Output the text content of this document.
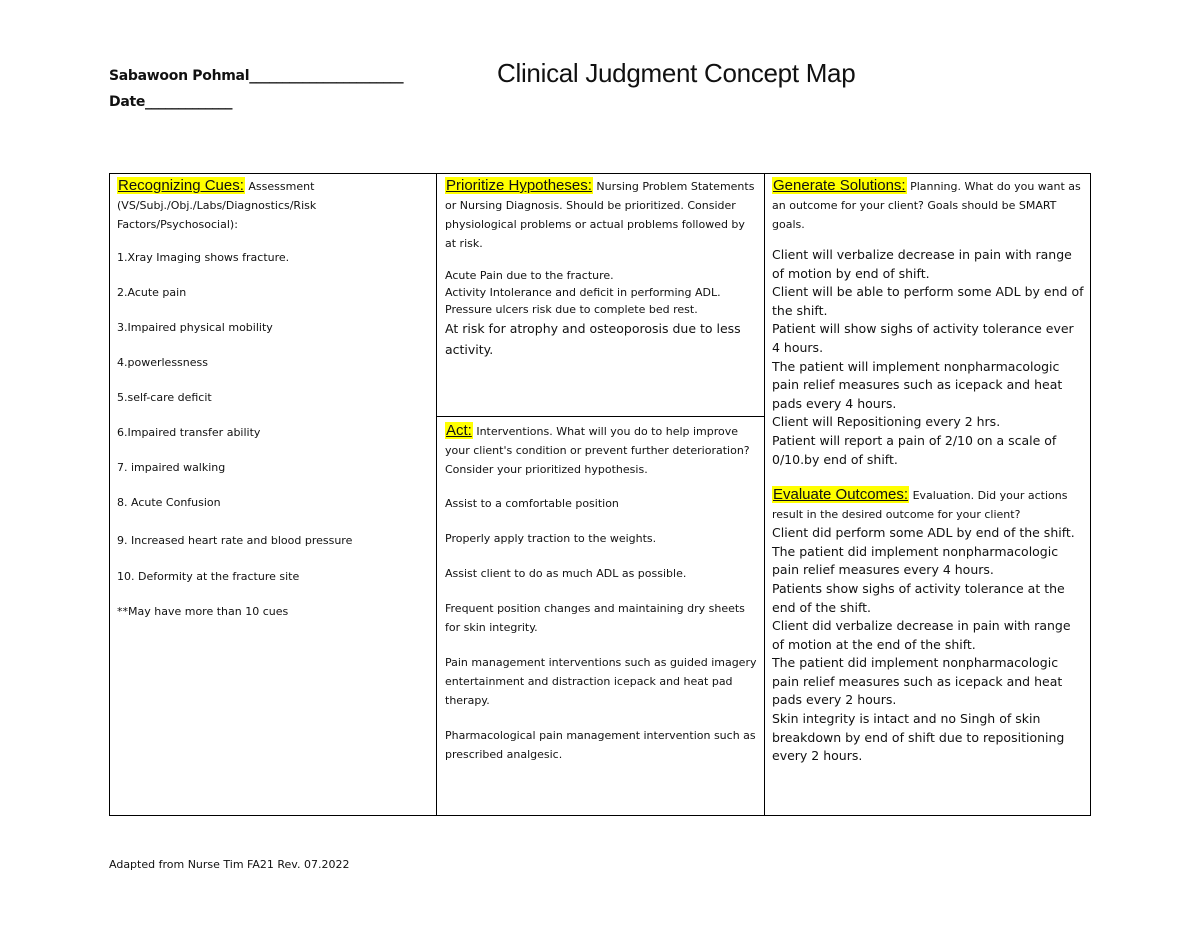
Sabawoon Pohmal_______________________
Date_____________
Clinical Judgment Concept Map

Recognizing Cues: Assessment (VS/Subj./Obj./Labs/Diagnostics/Risk Factors/Psychosocial):

1.Xray Imaging shows fracture.

2.Acute pain

3.Impaired physical mobility

4.powerlessness

5.self-care deficit

6.Impaired transfer ability

7. impaired walking

8. Acute Confusion

9. Increased heart rate and blood pressure

10. Deformity at the fracture site

**May have more than 10 cues

Prioritize Hypotheses: Nursing Problem Statements or Nursing Diagnosis. Should be prioritized. Consider physiological problems or actual problems followed by at risk.

Acute Pain due to the fracture.

Activity Intolerance and deficit in performing ADL.

Pressure ulcers risk due to complete bed rest.

At risk for atrophy and osteoporosis due to less activity.

Act: Interventions. What will you do to help improve your client's condition or prevent further deterioration? Consider your prioritized hypothesis.

Assist to a comfortable position

Properly apply traction to the weights.

Assist client to do as much ADL as possible.

Frequent position changes and maintaining dry sheets for skin integrity.

Pain management interventions such as guided imagery entertainment and distraction icepack and heat pad therapy.

Pharmacological pain management intervention such as prescribed analgesic.

Generate Solutions: Planning. What do you want as an outcome for your client? Goals should be SMART goals.

Client will verbalize decrease in pain with range of motion by end of shift.

Client will be able to perform some ADL by end of the shift.

Patient will show sighs of activity tolerance ever 4 hours.

The patient will implement nonpharmacologic pain relief measures such as icepack and heat pads every 4 hours.

Client will Repositioning every 2 hrs.

Patient will report a pain of 2/10 on a scale of 0/10.by end of shift.

Evaluate Outcomes: Evaluation. Did your actions result in the desired outcome for your client?

Client did perform some ADL by end of the shift.

The patient did implement nonpharmacologic pain relief measures every 4 hours.

Patients show sighs of activity tolerance at the end of the shift.

Client did verbalize decrease in pain with range of motion at the end of the shift.

The patient did implement nonpharmacologic pain relief measures such as icepack and heat pads every 2 hours.

Skin integrity is intact and no Singh of skin breakdown by end of shift due to repositioning every 2 hours.

Adapted from Nurse Tim FA21 Rev. 07.2022
